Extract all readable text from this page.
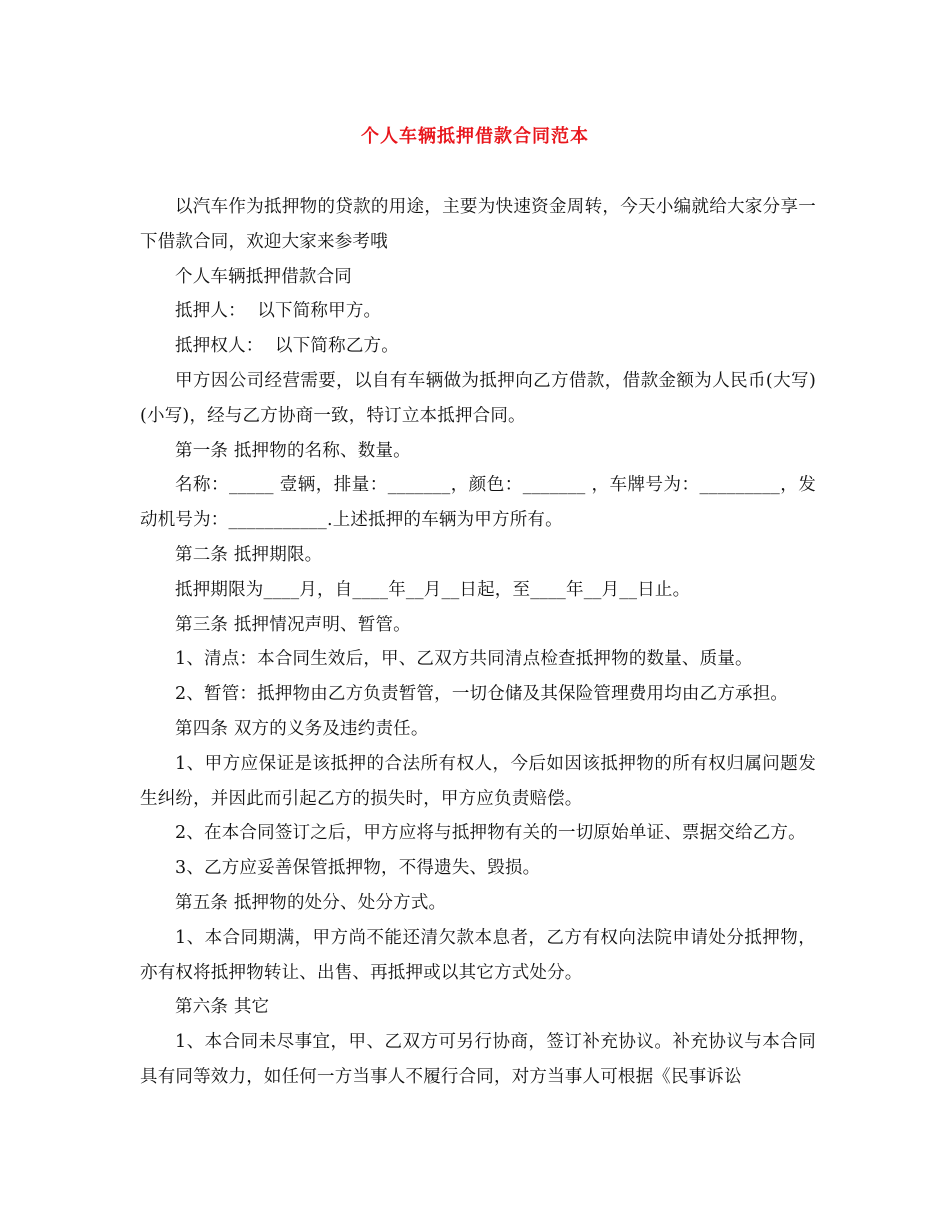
个人车辆抵押借款合同范本

以汽车作为抵押物的贷款的用途，主要为快速资金周转，今天小编就给大家分享一下借款合同，欢迎大家来参考哦

个人车辆抵押借款合同

抵押人：  以下简称甲方。

抵押权人：  以下简称乙方。

甲方因公司经营需要，以自有车辆做为抵押向乙方借款，借款金额为人民币(大写)(小写)，经与乙方协商一致，特订立本抵押合同。

第一条 抵押物的名称、数量。

名称：_____ 壹辆，排量：_______，颜色：_______ ，车牌号为：_________，发动机号为：___________.上述抵押的车辆为甲方所有。

第二条 抵押期限。

抵押期限为____月，自____年__月__日起，至____年__月__日止。

第三条 抵押情况声明、暂管。

1、清点：本合同生效后，甲、乙双方共同清点检查抵押物的数量、质量。

2、暂管：抵押物由乙方负责暂管，一切仓储及其保险管理费用均由乙方承担。

第四条 双方的义务及违约责任。

1、甲方应保证是该抵押的合法所有权人，今后如因该抵押物的所有权归属问题发生纠纷，并因此而引起乙方的损失时，甲方应负责赔偿。

2、在本合同签订之后，甲方应将与抵押物有关的一切原始单证、票据交给乙方。

3、乙方应妥善保管抵押物，不得遗失、毁损。

第五条 抵押物的处分、处分方式。

1、本合同期满，甲方尚不能还清欠款本息者，乙方有权向法院申请处分抵押物，亦有权将抵押物转让、出售、再抵押或以其它方式处分。

第六条 其它

1、本合同未尽事宜，甲、乙双方可另行协商，签订补充协议。补充协议与本合同具有同等效力，如任何一方当事人不履行合同，对方当事人可根据《民事诉讼
